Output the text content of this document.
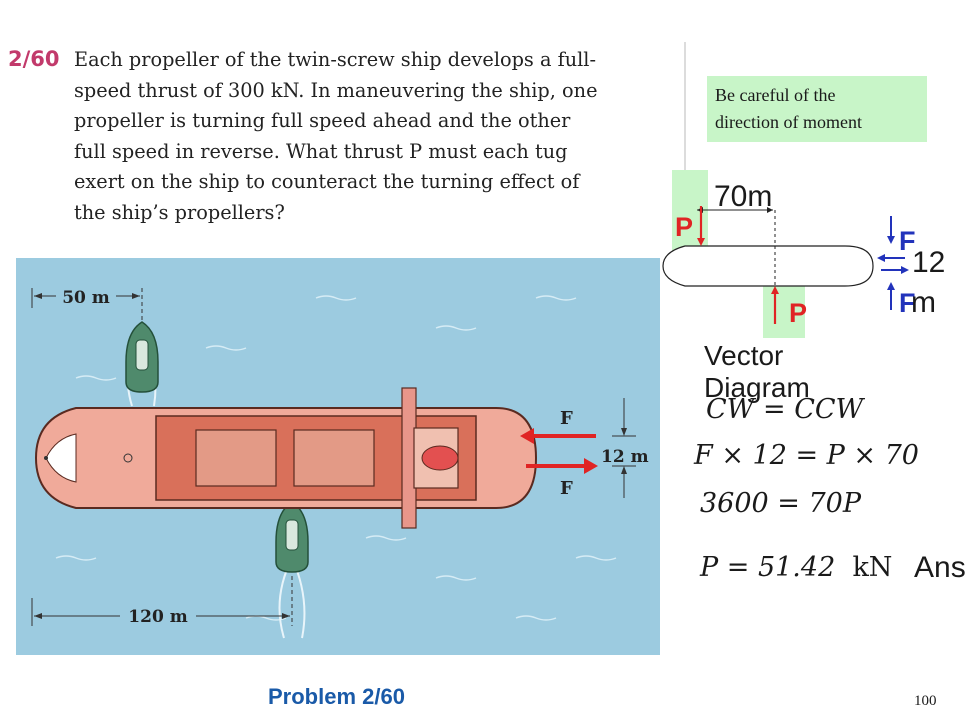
2/60 Each propeller of the twin-screw ship develops a full-
speed thrust of 300 kN. In maneuvering the ship, one
propeller is turning full speed ahead and the other
full speed in reverse. What thrust P must each tug
exert on the ship to counteract the turning effect of
the ship’s propellers?
50 m
F
F
12 m
120 m
Problem 2/60
Be careful of the
direction of moment
P
P
F
F
70m
12
m
Vector
Diagram
CW = CCW
F × 12 = P × 70
3600 = 70P
P = 51.42 kN Ans
100
